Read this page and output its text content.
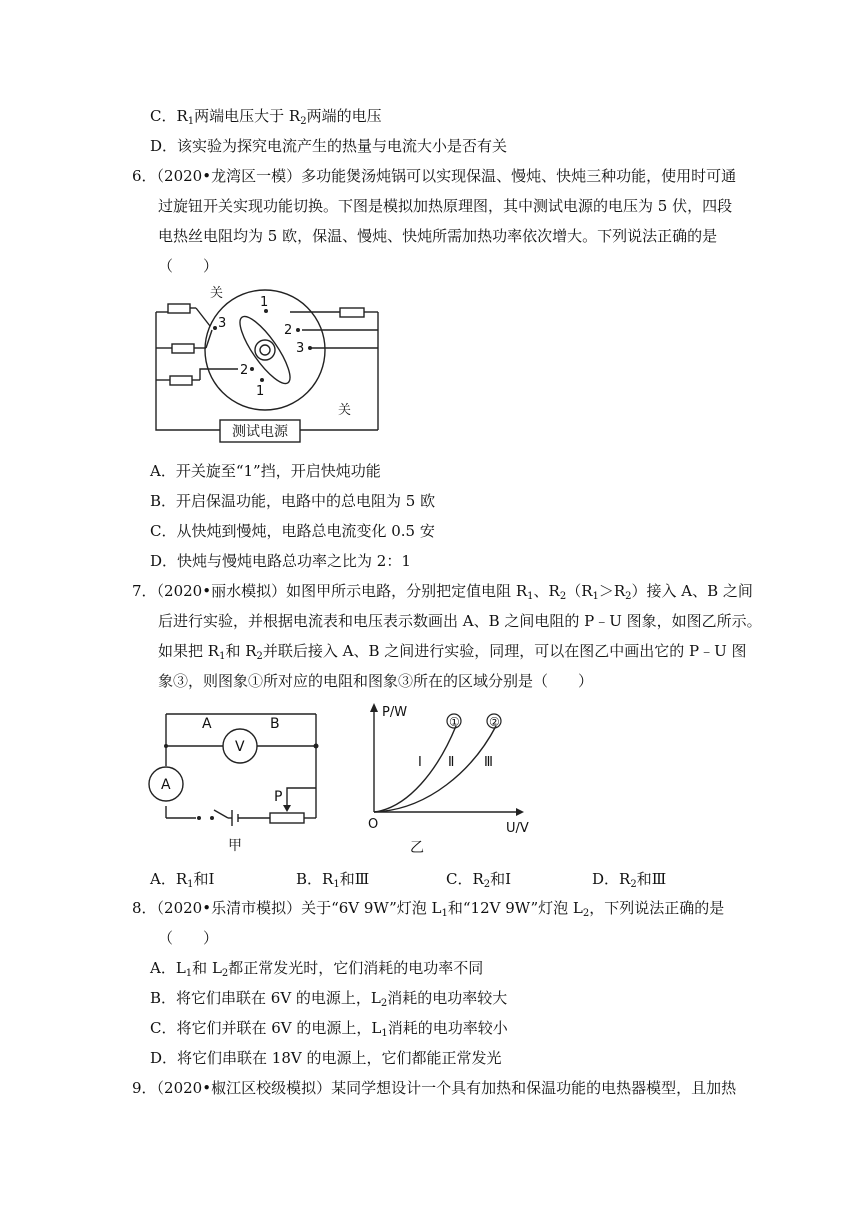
C．$R_1$两端电压大于 $R_2$两端的电压
D．该实验为探究电流产生的热量与电流大小是否有关
6．（2020•龙湾区一模）多功能煲汤炖锅可以实现保温、慢炖、快炖三种功能，使用时可通
过旋钮开关实现功能切换。下图是模拟加热原理图，其中测试电源的电压为 5 伏，四段
电热丝电阻均为 5 欧，保温、慢炖、快炖所需加热功率依次增大。下列说法正确的是
（　　）
关
1
2
3
3
2
1
关
测试电源
A．开关旋至“1”挡，开启快炖功能
B．开启保温功能，电路中的总电阻为 5 欧
C．从快炖到慢炖，电路总电流变化 0.5 安
D．快炖与慢炖电路总功率之比为 2：1
7．（2020•丽水模拟）如图甲所示电路，分别把定值电阻 $R_1$、$R_2(R_1>R_2)$接入 A、B 之间
后进行实验，并根据电流表和电压表示数画出 A、B 之间电阻的 P﹣U 图象，如图乙所示。
如果把 $R_1$和 $R_2$并联后接入 A、B 之间进行实验，同理，可以在图乙中画出它的 P﹣U 图
象③，则图象①所对应的电阻和图象③所在的区域分别是（　　）
A	B
V
A
P
甲
P/W
U/V
O
① ②
Ⅰ Ⅱ Ⅲ
乙
A．$R_1$和Ⅰ	B．$R_1$和Ⅲ	C．$R_2$和Ⅰ	D．$R_2$和Ⅲ
8．（2020•乐清市模拟）关于“6V 9W”灯泡 $L_1$和“12V 9W”灯泡 $L_2$，下列说法正确的是
（　　）
A．$L_1$和 $L_2$都正常发光时，它们消耗的电功率不同
B．将它们串联在 6V 的电源上，$L_2$消耗的电功率较大
C．将它们并联在 6V 的电源上，$L_1$消耗的电功率较小
D．将它们串联在 18V 的电源上，它们都能正常发光
9．（2020•椒江区校级模拟）某同学想设计一个具有加热和保温功能的电热器模型，且加热
